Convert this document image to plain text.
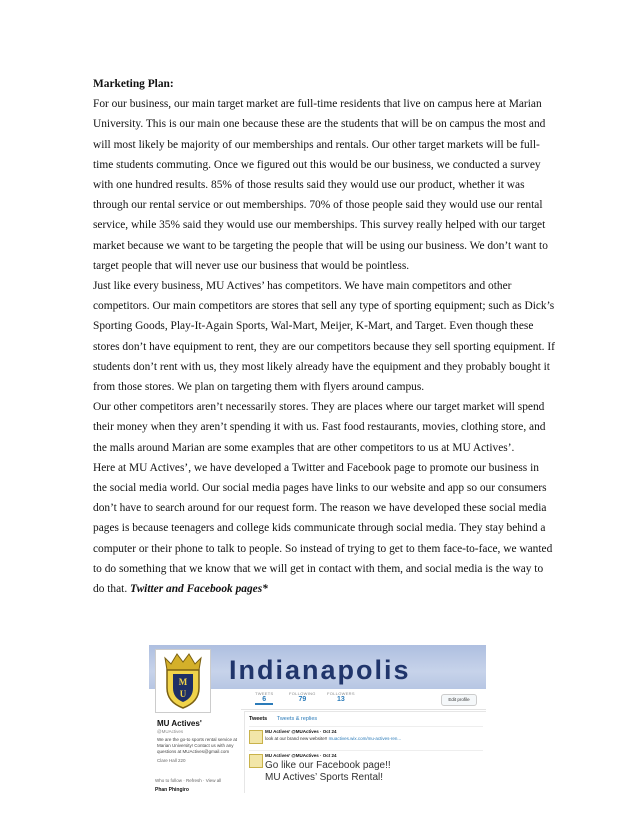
Marketing Plan:

For our business, our main target market are full-time residents that live on campus here at Marian University. This is our main one because these are the students that will be on campus the most and will most likely be majority of our memberships and rentals. Our other target markets will be full-time students commuting. Once we figured out this would be our business, we conducted a survey with one hundred results. 85% of those results said they would use our product, whether it was through our rental service or out memberships. 70% of those people said they would use our rental service, while 35% said they would use our memberships. This survey really helped with our target market because we want to be targeting the people that will be using our business. We don’t want to target people that will never use our business that would be pointless.

Just like every business, MU Actives’ has competitors. We have main competitors and other competitors. Our main competitors are stores that sell any type of sporting equipment; such as Dick’s Sporting Goods, Play-It-Again Sports, Wal-Mart, Meijer, K-Mart, and Target. Even though these stores don’t have equipment to rent, they are our competitors because they sell sporting equipment. If students don’t rent with us, they most likely already have the equipment and they probably bought it from those stores. We plan on targeting them with flyers around campus.

Our other competitors aren’t necessarily stores. They are places where our target market will spend their money when they aren’t spending it with us. Fast food restaurants, movies, clothing store, and the malls around Marian are some examples that are other competitors to us at MU Actives’.

Here at MU Actives’, we have developed a Twitter and Facebook page to promote our business in the social media world. Our social media pages have links to our website and app so our consumers don’t have to search around for our request form. The reason we have developed these social media pages is because teenagers and college kids communicate through social media. They stay behind a computer or their phone to talk to people. So instead of trying to get to them face-to-face, we wanted to do something that we know that we will get in contact with them, and social media is the way to do that. Twitter and Facebook pages*

Indianapolis
M
U
MU Actives'
@MUActives
We are the go-to sports rental service at Marian University! Contact us with any questions at MUActives@gmail.com
Clare Hall 220
Who to follow · Refresh · View all
Phan Phingiro
TWEETS
6
FOLLOWING
79
FOLLOWERS
13	Edit profile
Tweets Tweets & replies
MU Actives’ @MUActives · Oct 24
look at our brand new website!! muactives.wix.com/mu-actives-ren...
MU Actives’ @MUActives · Oct 24
Go like our Facebook page!!
MU Actives’ Sports Rental!
